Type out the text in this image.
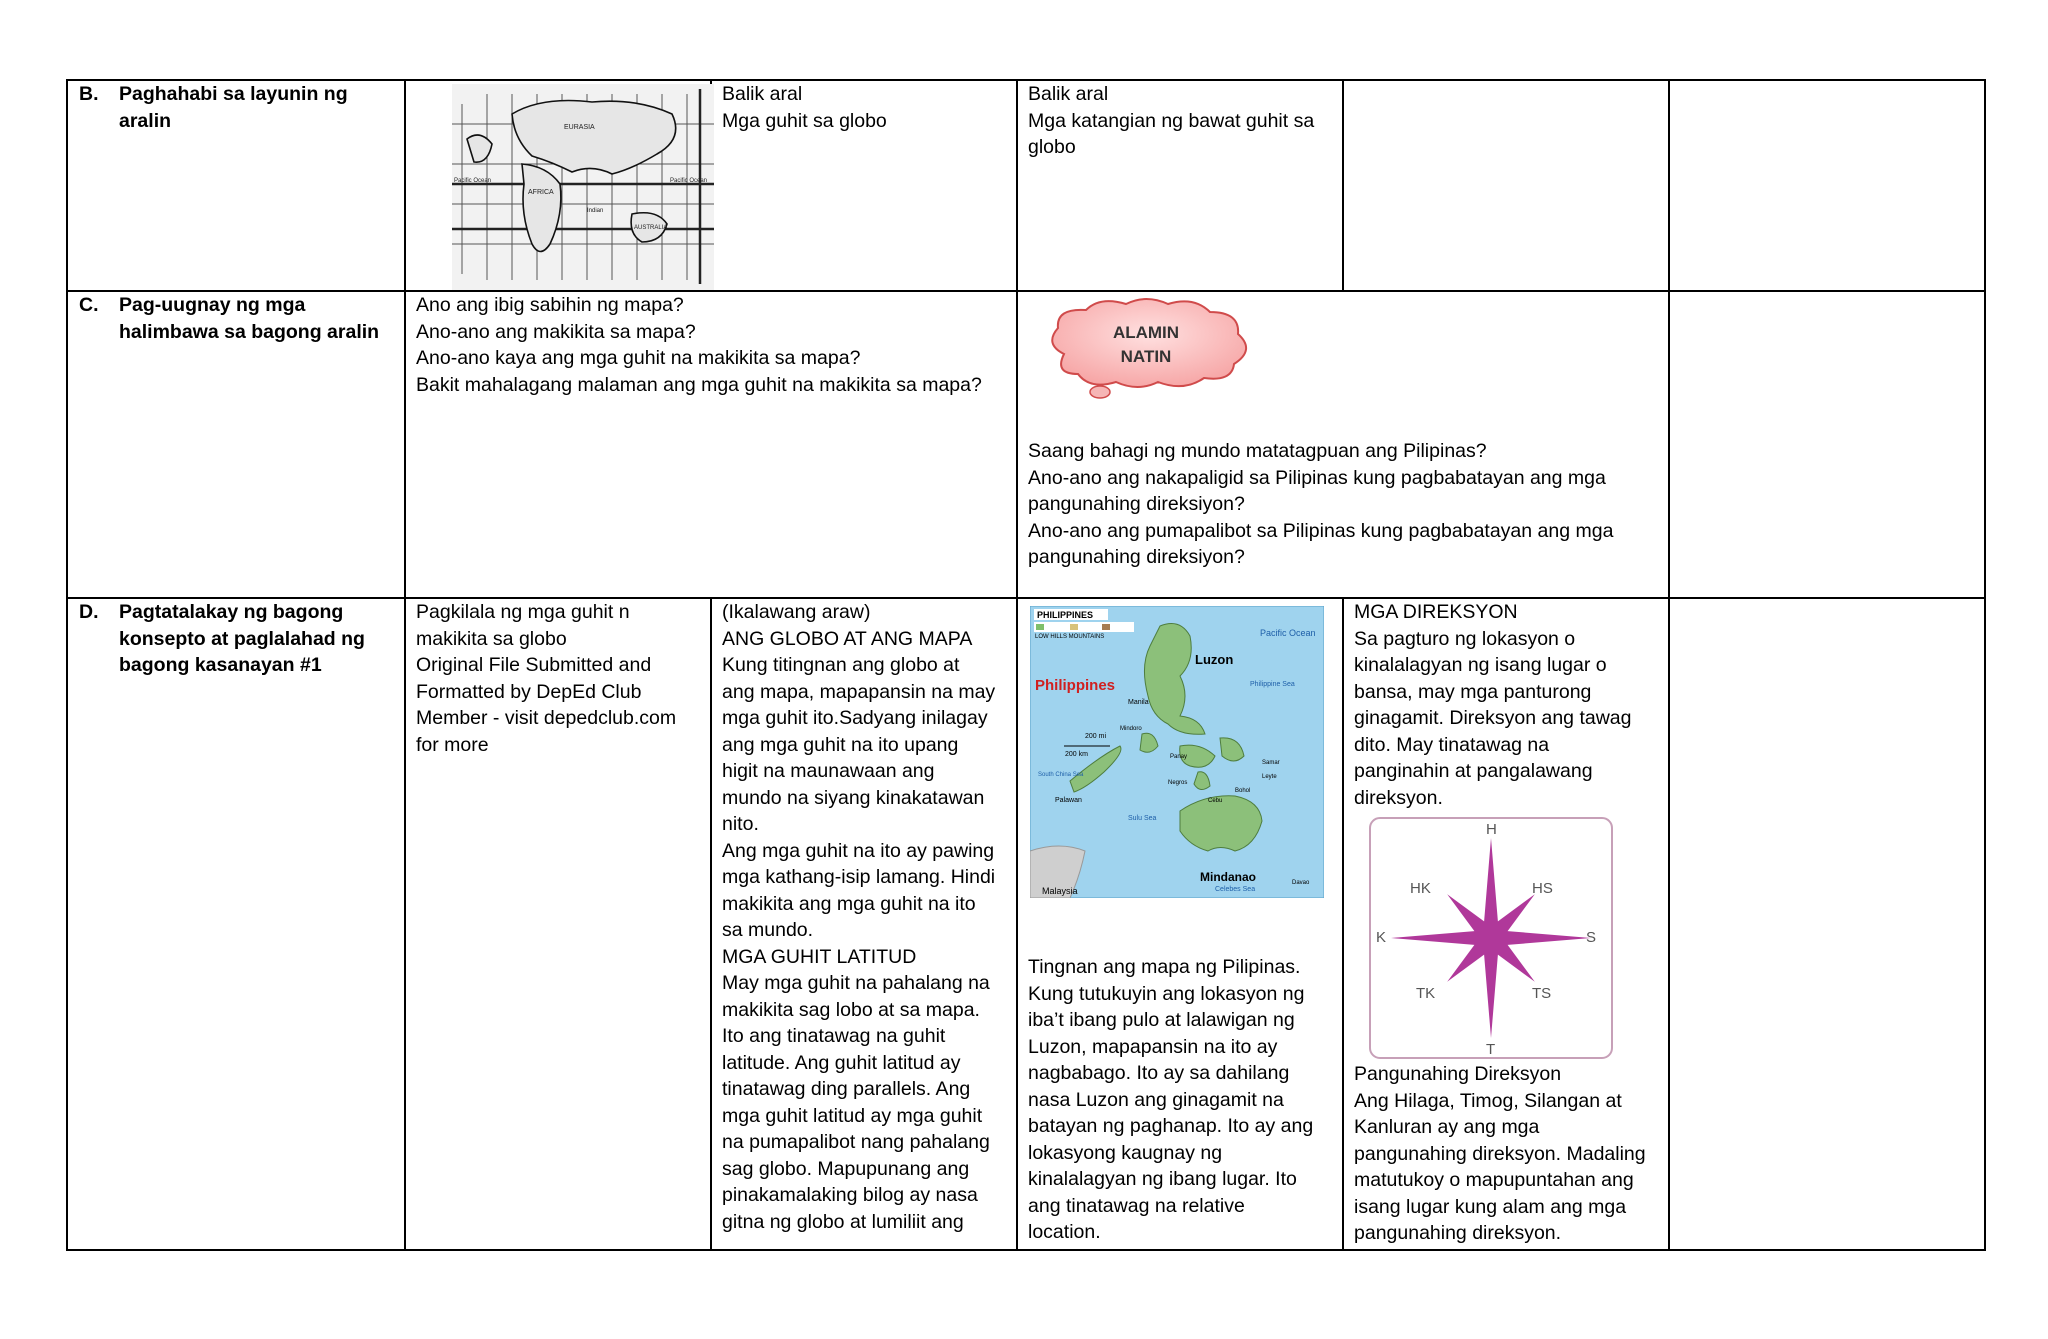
B. Paghahabi sa layunin ng aralin	EURASIA
AFRICA
AUSTRALIA
Pacific Ocean	Pacific Ocean
Indian
Balik aral
Mga guhit sa globo
Balik aral
Mga katangian ng bawat guhit sa
globo
C. Pag-uugnay ng mga halimbawa sa bagong aralin
Ano ang ibig sabihin ng mapa?
Ano-ano ang makikita sa mapa?
Ano-ano kaya ang mga guhit na makikita sa mapa?
Bakit mahalagang malaman ang mga guhit na makikita sa mapa?
ALAMIN
NATIN
Saang bahagi ng mundo matatagpuan ang Pilipinas?
Ano-ano ang nakapaligid sa Pilipinas kung pagbabatayan ang mga
pangunahing direksiyon?
Ano-ano ang pumapalibot sa Pilipinas kung pagbabatayan ang mga
pangunahing direksiyon?
D. Pagtatalakay ng bagong konsepto at paglalahad ng bagong kasanayan #1
Pagkilala ng mga guhit n
makikita sa globo
Original File Submitted and
Formatted by DepEd Club
Member - visit depedclub.com
for more
(Ikalawang araw)
ANG GLOBO AT ANG MAPA
Kung titingnan ang globo at
ang mapa, mapapansin na may
mga guhit ito.Sadyang inilagay
ang mga guhit na ito upang
higit na maunawaan ang
mundo na siyang kinakatawan
nito.
Ang mga guhit na ito ay pawing
mga kathang-isip lamang. Hindi
makikita ang mga guhit na ito
sa mundo.
MGA GUHIT LATITUD
May mga guhit na pahalang na
makikita sag lobo at sa mapa.
Ito ang tinatawag na guhit
latitude. Ang guhit latitud ay
tinatawag ding parallels. Ang
mga guhit latitud ay mga guhit
na pumapalibot nang pahalang
sag globo. Mapupunang ang
pinakamalaking bilog ay nasa
gitna ng globo at lumiliit ang
PHILIPPINES
LOW HILLS MOUNTAINS
Philippines
Luzon
Pacific Ocean
Mindanao
Malaysia
Palawan
Sulu Sea
Celebes Sea
Philippine Sea
South China Sea
Manila
Mindoro
Negros
Cebu
Samar
Leyte
Panay
Bohol
Davao
200 mi
200 km
Tingnan ang mapa ng Pilipinas.
Kung tutukuyin ang lokasyon ng
iba’t ibang pulo at lalawigan ng
Luzon, mapapansin na ito ay
nagbabago. Ito ay sa dahilang
nasa Luzon ang ginagamit na
batayan ng paghanap. Ito ay ang
lokasyong kaugnay ng
kinalalagyan ng ibang lugar. Ito
ang tinatawag na relative
location.
MGA DIREKSYON
Sa pagturo ng lokasyon o
kinalalagyan ng isang lugar o
bansa, may mga panturong
ginagamit. Direksyon ang tawag
dito. May tinatawag na
panginahin at pangalawang
direksyon.
H
T
S
K
HS
HK
TS
TK
Pangunahing Direksyon
Ang Hilaga, Timog, Silangan at
Kanluran ay ang mga
pangunahing direksyon. Madaling
matutukoy o mapupuntahan ang
isang lugar kung alam ang mga
pangunahing direksyon.
